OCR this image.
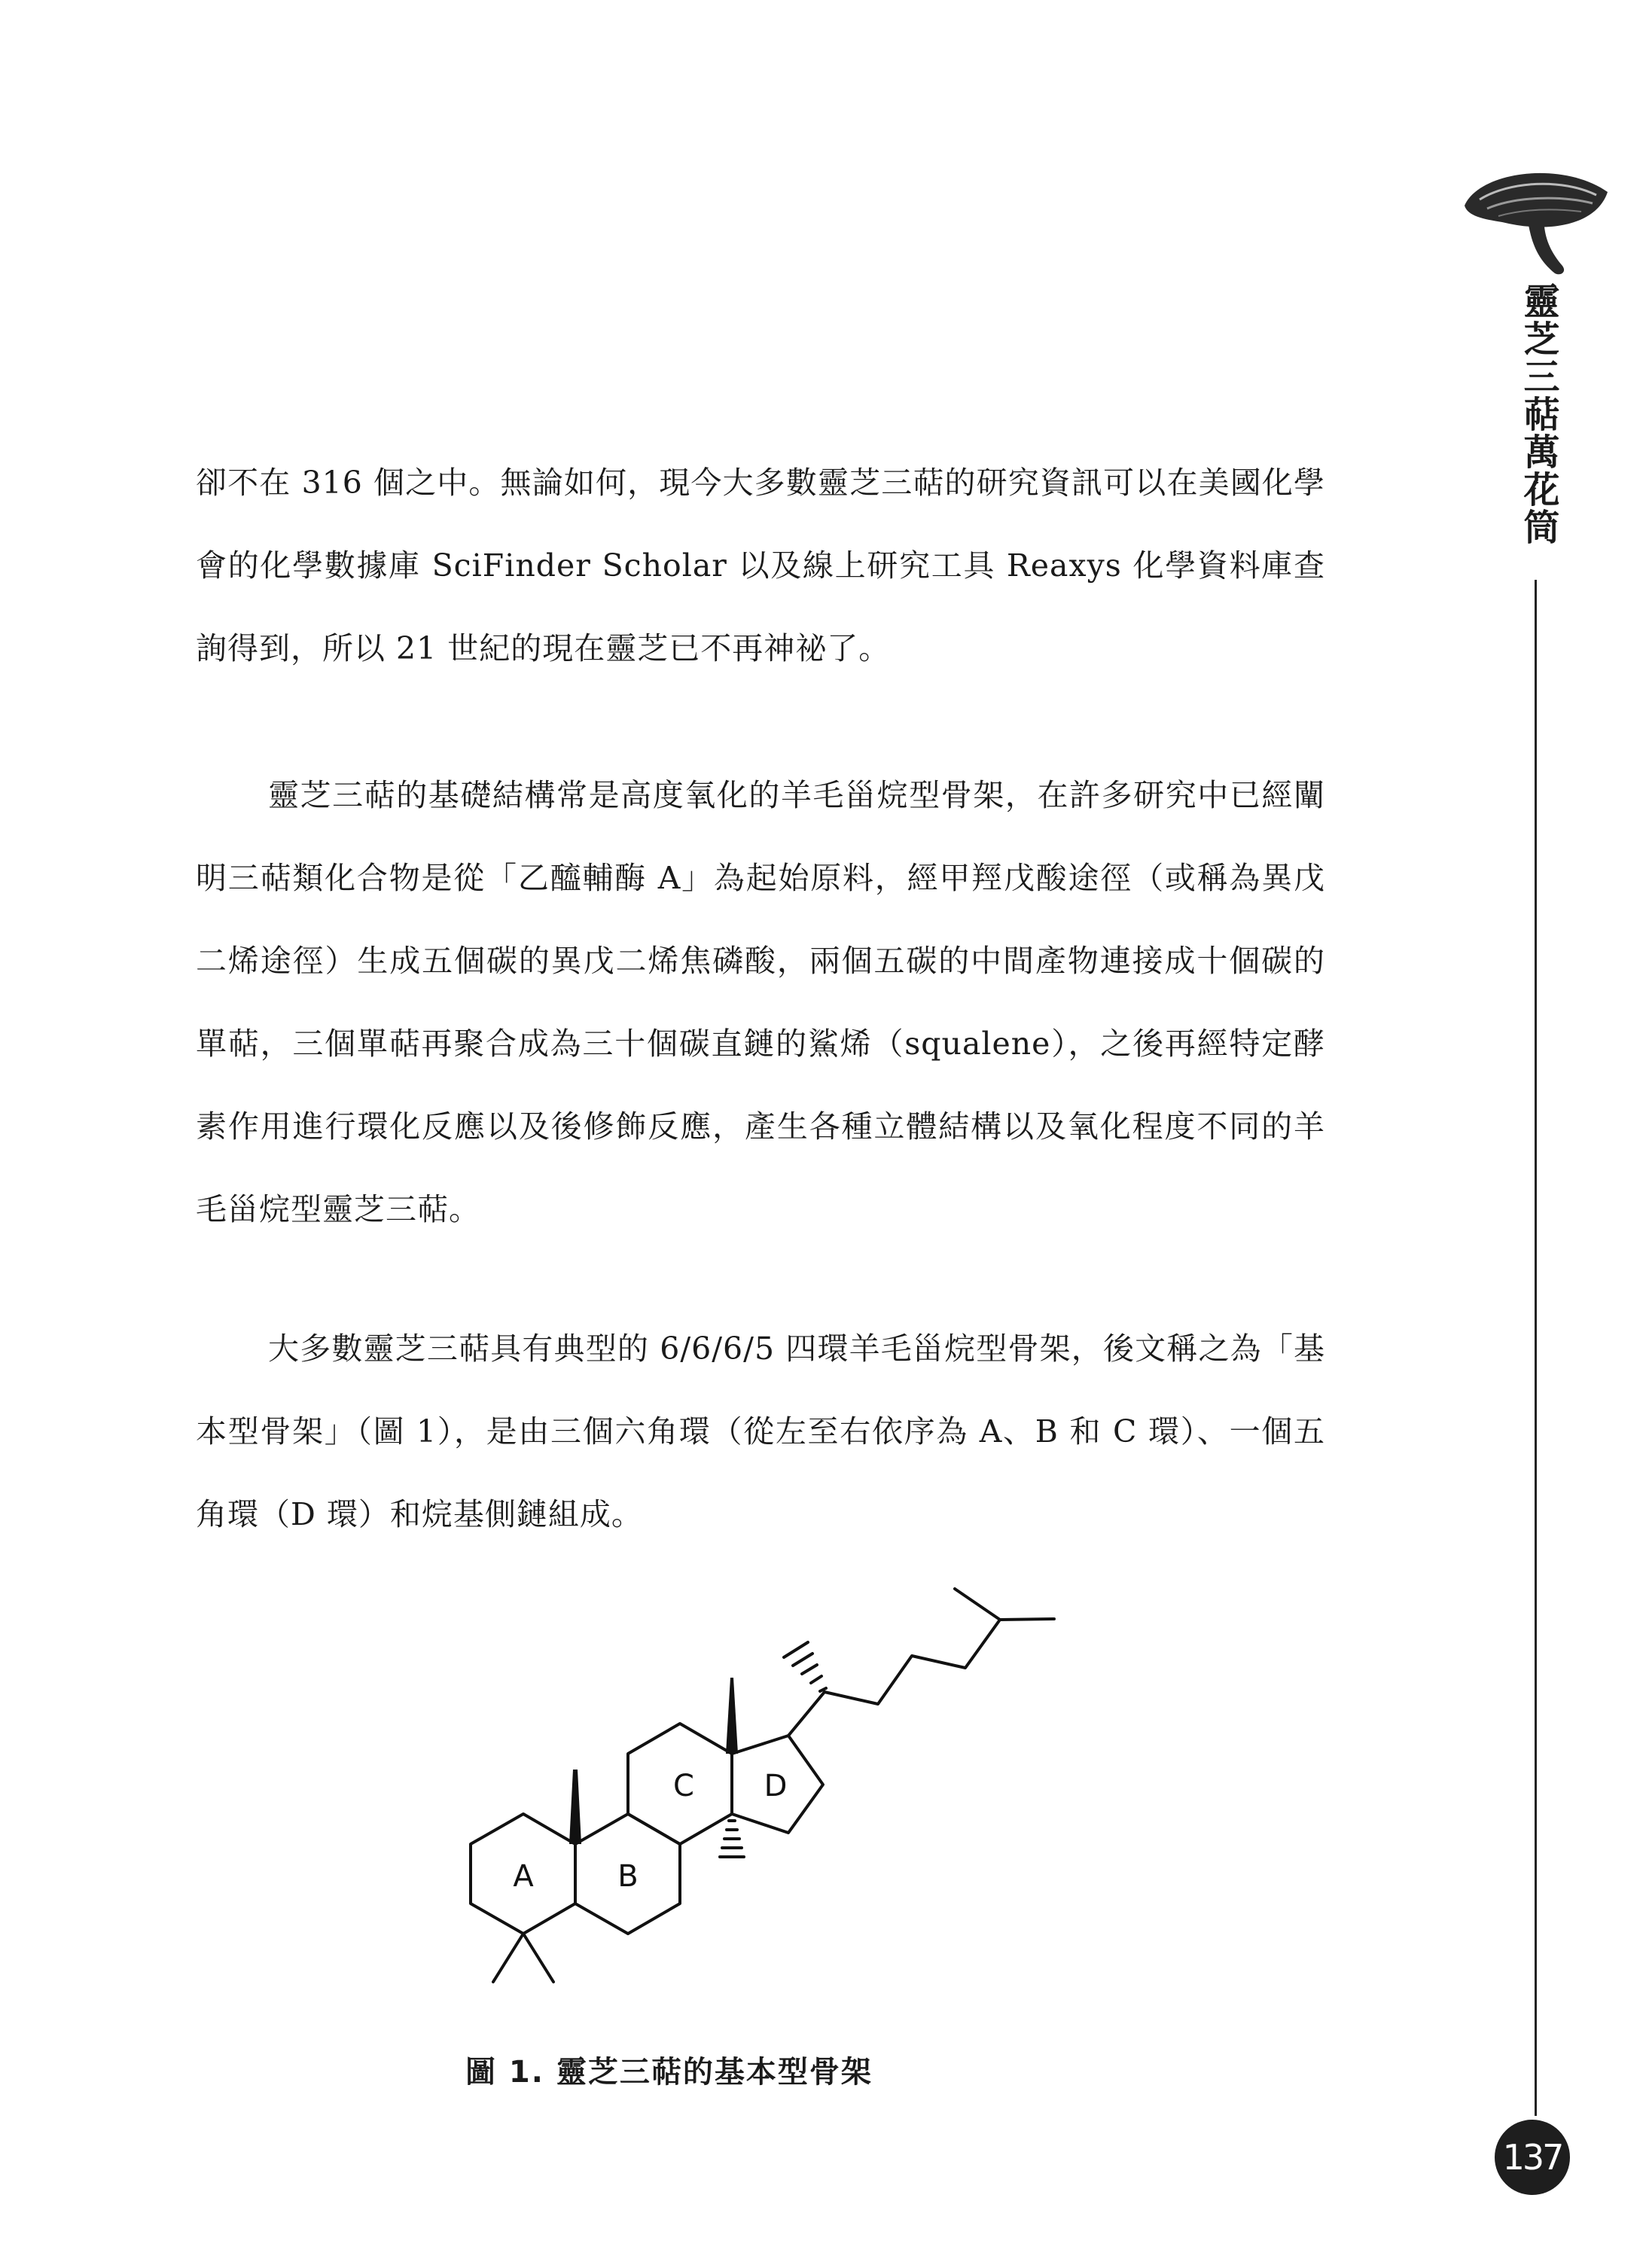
卻不在 316 個之中。無論如何，現今大多數靈芝三萜的研究資訊可以在美國化學會的化學數據庫 SciFinder Scholar 以及線上研究工具 Reaxys 化學資料庫查詢得到，所以 21 世紀的現在靈芝已不再神祕了。

靈芝三萜的基礎結構常是高度氧化的羊毛甾烷型骨架，在許多研究中已經闡明三萜類化合物是從「乙醯輔酶 A」為起始原料，經甲羥戊酸途徑（或稱為異戊二烯途徑）生成五個碳的異戊二烯焦磷酸，兩個五碳的中間產物連接成十個碳的單萜，三個單萜再聚合成為三十個碳直鏈的鯊烯（squalene），之後再經特定酵素作用進行環化反應以及後修飾反應，產生各種立體結構以及氧化程度不同的羊毛甾烷型靈芝三萜。

大多數靈芝三萜具有典型的 6/6/6/5 四環羊毛甾烷型骨架，後文稱之為「基本型骨架」（圖 1），是由三個六角環（從左至右依序為 A、B 和 C 環）、一個五角環（D 環）和烷基側鏈組成。

A	B
C D

圖 1. 靈芝三萜的基本型骨架

靈芝三萜萬花筒

137
